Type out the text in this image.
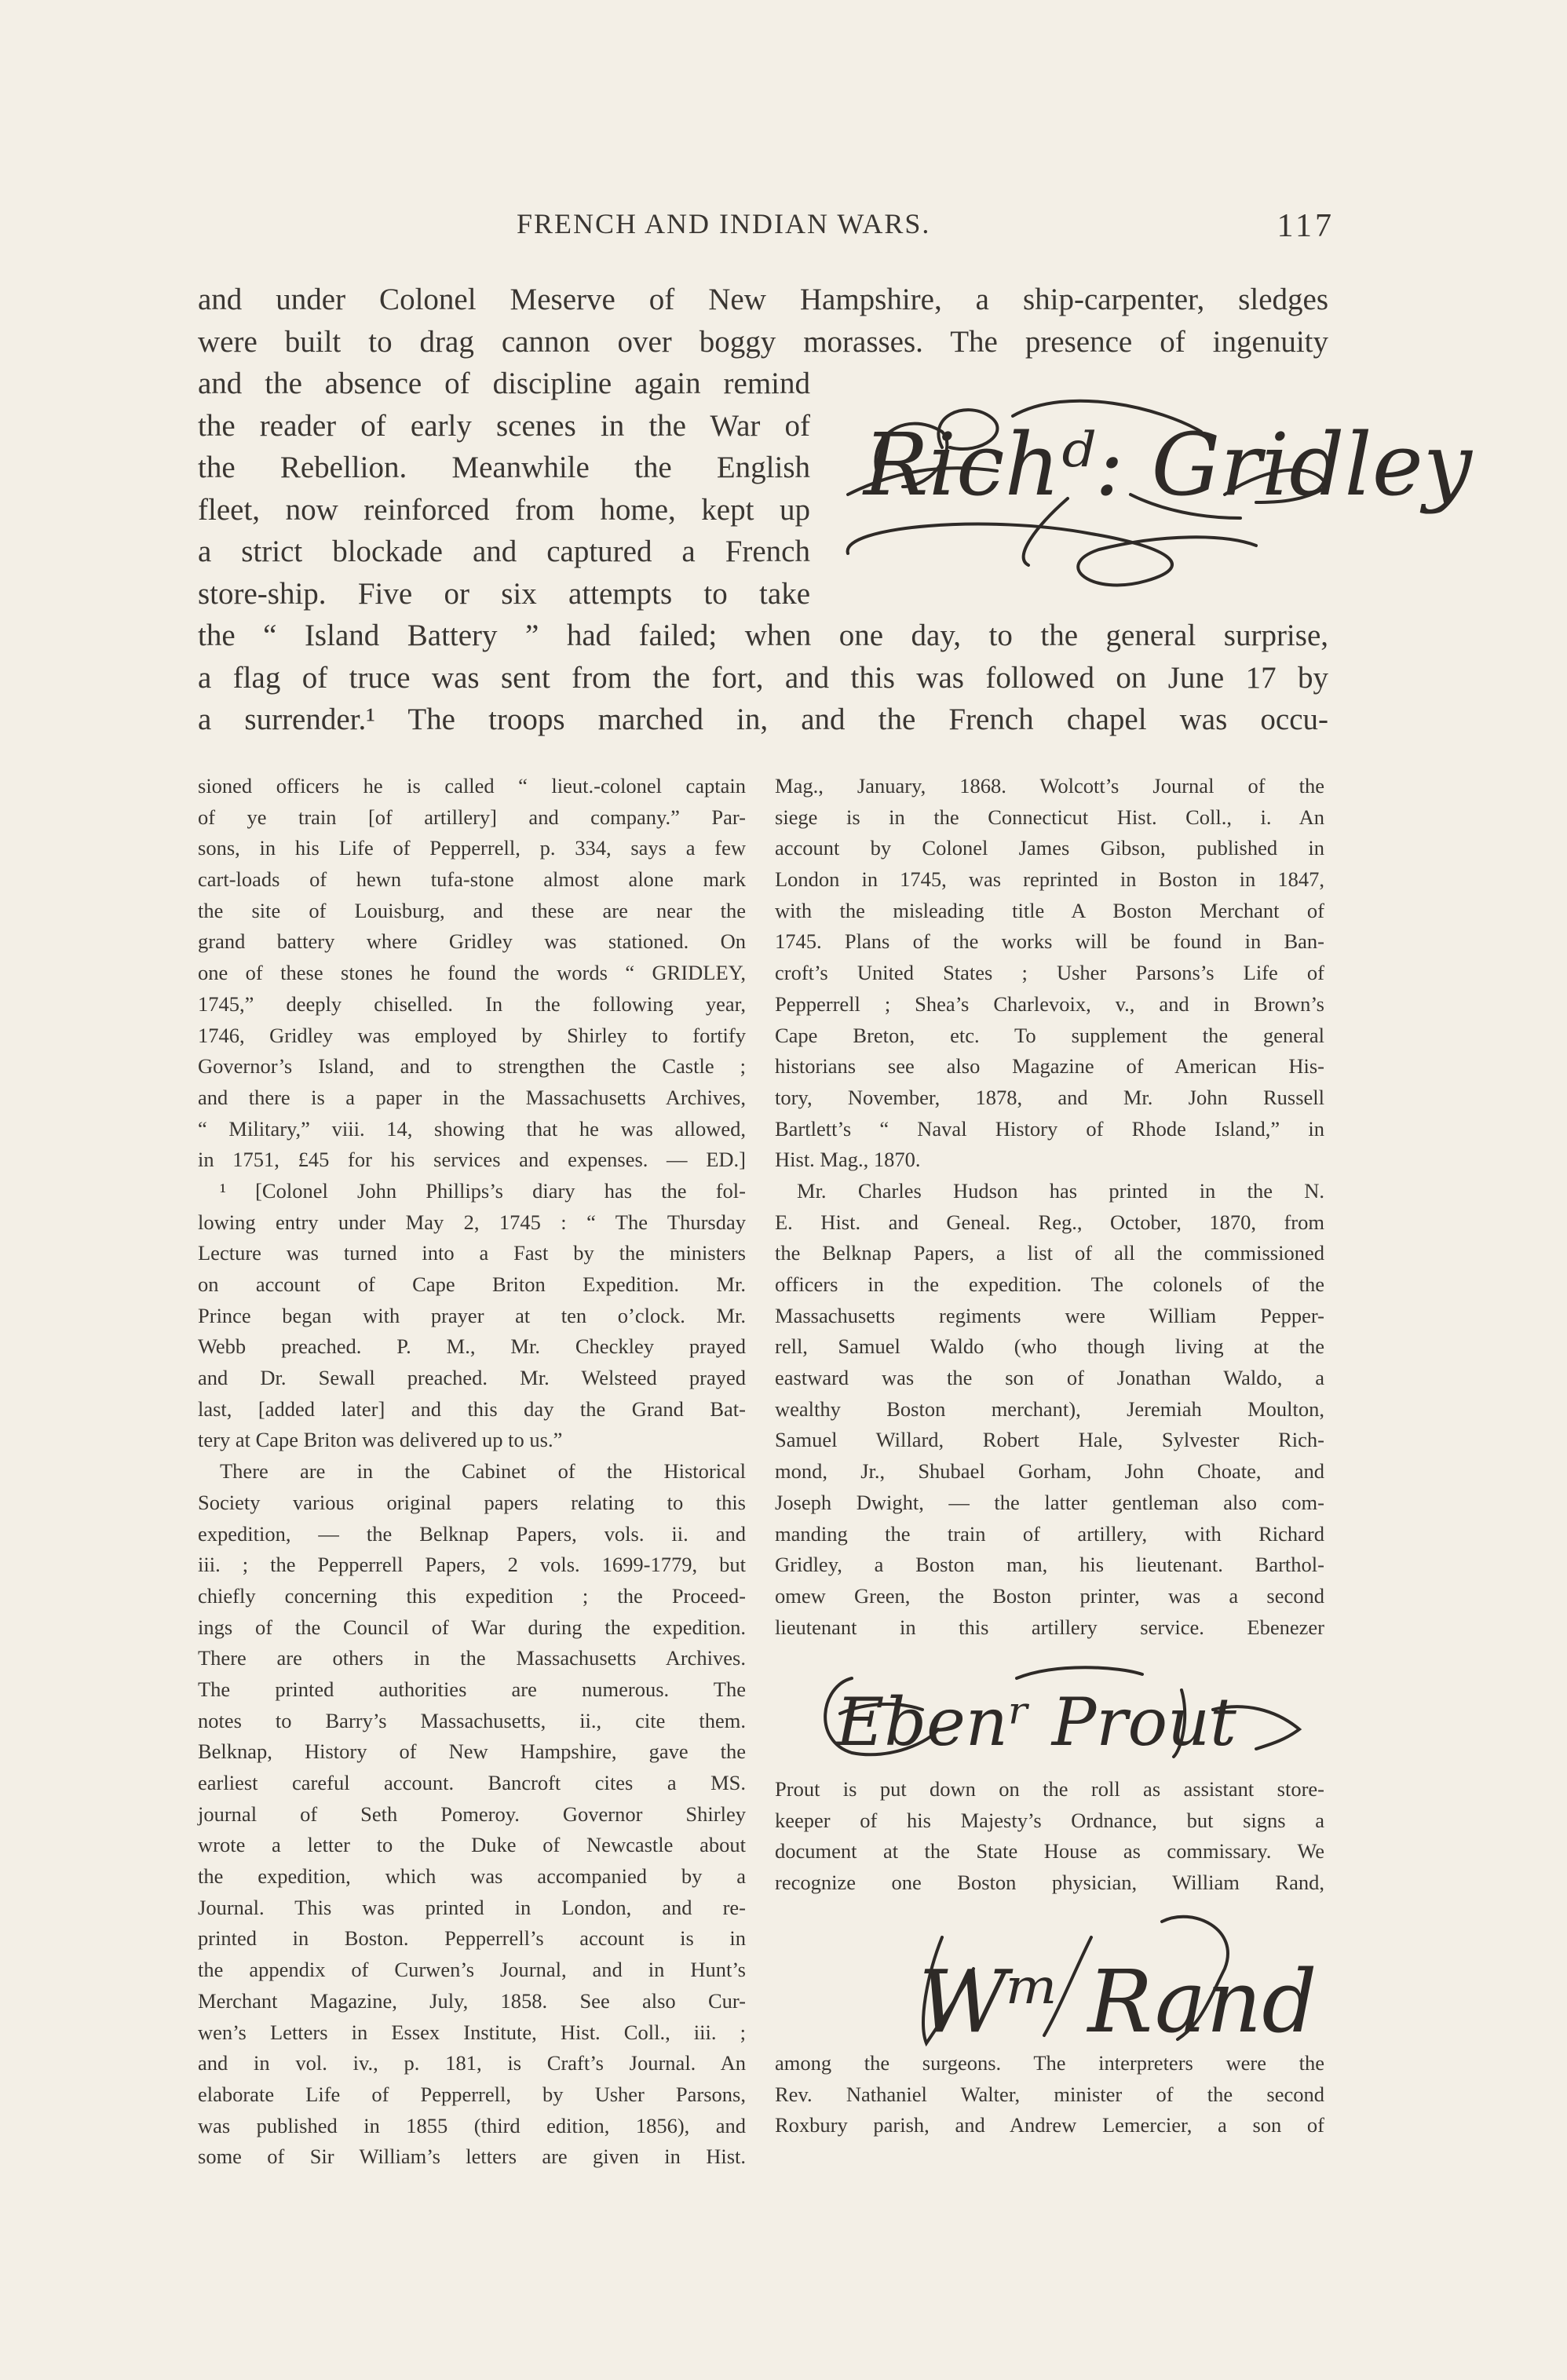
FRENCH AND INDIAN WARS.	117
and under Colonel Meserve of New Hampshire, a ship-carpenter, sledges
were built to drag cannon over boggy morasses. The presence of ingenuity
and the absence of discipline again remind
the reader of early scenes in the War of
the Rebellion. Meanwhile the English
fleet, now reinforced from home, kept up
a strict blockade and captured a French
store-ship. Five or six attempts to take
the “ Island Battery ” had failed; when one day, to the general surprise,
a flag of truce was sent from the fort, and this was followed on June 17 by
a surrender.¹ The troops marched in, and the French chapel was occu-
Richᵈ: Gridley
sioned officers he is called “ lieut.-colonel captain
of ye train [of artillery] and company.” Par-
sons, in his Life of Pepperrell, p. 334, says a few
cart-loads of hewn tufa-stone almost alone mark
the site of Louisburg, and these are near the
grand battery where Gridley was stationed. On
one of these stones he found the words “ GRIDLEY,
1745,” deeply chiselled. In the following year,
1746, Gridley was employed by Shirley to fortify
Governor’s Island, and to strengthen the Castle ;
and there is a paper in the Massachusetts Archives,
“ Military,” viii. 14, showing that he was allowed,
in 1751, £45 for his services and expenses. — ED.]
¹ [Colonel John Phillips’s diary has the fol-
lowing entry under May 2, 1745 : “ The Thursday
Lecture was turned into a Fast by the ministers
on account of Cape Briton Expedition. Mr.
Prince began with prayer at ten o’clock. Mr.
Webb preached. P. M., Mr. Checkley prayed
and Dr. Sewall preached. Mr. Welsteed prayed
last, [added later] and this day the Grand Bat-
tery at Cape Briton was delivered up to us.”
There are in the Cabinet of the Historical
Society various original papers relating to this
expedition, — the Belknap Papers, vols. ii. and
iii. ; the Pepperrell Papers, 2 vols. 1699-1779, but
chiefly concerning this expedition ; the Proceed-
ings of the Council of War during the expedition.
There are others in the Massachusetts Archives.
The printed authorities are numerous. The
notes to Barry’s Massachusetts, ii., cite them.
Belknap, History of New Hampshire, gave the
earliest careful account. Bancroft cites a MS.
journal of Seth Pomeroy. Governor Shirley
wrote a letter to the Duke of Newcastle about
the expedition, which was accompanied by a
Journal. This was printed in London, and re-
printed in Boston. Pepperrell’s account is in
the appendix of Curwen’s Journal, and in Hunt’s
Merchant Magazine, July, 1858. See also Cur-
wen’s Letters in Essex Institute, Hist. Coll., iii. ;
and in vol. iv., p. 181, is Craft’s Journal. An
elaborate Life of Pepperrell, by Usher Parsons,
was published in 1855 (third edition, 1856), and
some of Sir William’s letters are given in Hist.
Mag., January, 1868. Wolcott’s Journal of the
siege is in the Connecticut Hist. Coll., i. An
account by Colonel James Gibson, published in
London in 1745, was reprinted in Boston in 1847,
with the misleading title A Boston Merchant of
1745. Plans of the works will be found in Ban-
croft’s United States ; Usher Parsons’s Life of
Pepperrell ; Shea’s Charlevoix, v., and in Brown’s
Cape Breton, etc. To supplement the general
historians see also Magazine of American His-
tory, November, 1878, and Mr. John Russell
Bartlett’s “ Naval History of Rhode Island,” in
Hist. Mag., 1870.
Mr. Charles Hudson has printed in the N.
E. Hist. and Geneal. Reg., October, 1870, from
the Belknap Papers, a list of all the commissioned
officers in the expedition. The colonels of the
Massachusetts regiments were William Pepper-
rell, Samuel Waldo (who though living at the
eastward was the son of Jonathan Waldo, a
wealthy Boston merchant), Jeremiah Moulton,
Samuel Willard, Robert Hale, Sylvester Rich-
mond, Jr., Shubael Gorham, John Choate, and
Joseph Dwight, — the latter gentleman also com-
manding the train of artillery, with Richard
Gridley, a Boston man, his lieutenant. Barthol-
omew Green, the Boston printer, was a second
lieutenant in this artillery service. Ebenezer
Ebenʳ Prout
Prout is put down on the roll as assistant store-
keeper of his Majesty’s Ordnance, but signs a
document at the State House as commissary. We
recognize one Boston physician, William Rand,
Wᵐ Rand
among the surgeons. The interpreters were the
Rev. Nathaniel Walter, minister of the second
Roxbury parish, and Andrew Lemercier, a son of
